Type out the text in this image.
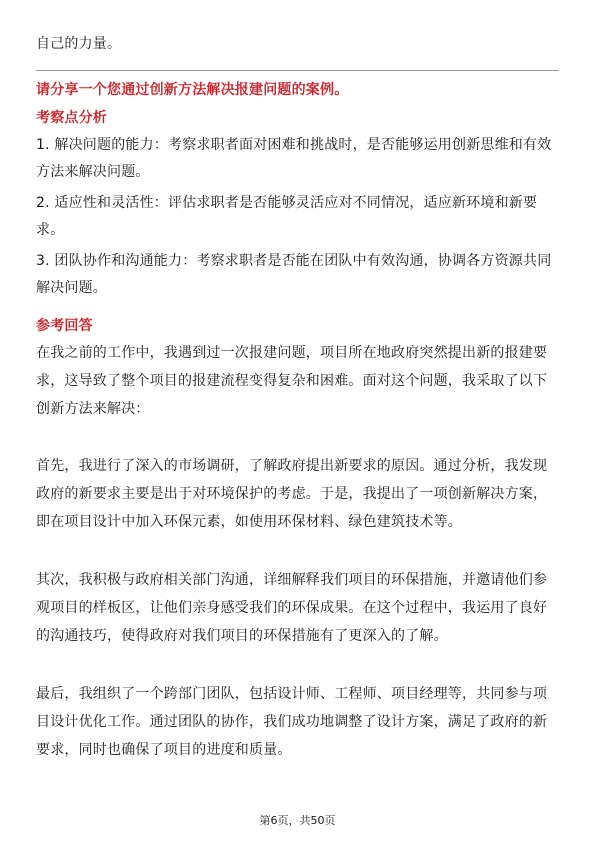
自己的力量。
请分享一个您通过创新方法解决报建问题的案例。
考察点分析
1. 解决问题的能力：考察求职者面对困难和挑战时，是否能够运用创新思维和有效
方法来解决问题。
2. 适应性和灵活性：评估求职者是否能够灵活应对不同情况，适应新环境和新要
求。
3. 团队协作和沟通能力：考察求职者是否能在团队中有效沟通，协调各方资源共同
解决问题。
参考回答
在我之前的工作中，我遇到过一次报建问题，项目所在地政府突然提出新的报建要
求，这导致了整个项目的报建流程变得复杂和困难。面对这个问题，我采取了以下
创新方法来解决：
首先，我进行了深入的市场调研，了解政府提出新要求的原因。通过分析，我发现
政府的新要求主要是出于对环境保护的考虑。于是，我提出了一项创新解决方案，
即在项目设计中加入环保元素，如使用环保材料、绿色建筑技术等。
其次，我积极与政府相关部门沟通，详细解释我们项目的环保措施，并邀请他们参
观项目的样板区，让他们亲身感受我们的环保成果。在这个过程中，我运用了良好
的沟通技巧，使得政府对我们项目的环保措施有了更深入的了解。
最后，我组织了一个跨部门团队，包括设计师、工程师、项目经理等，共同参与项
目设计优化工作。通过团队的协作，我们成功地调整了设计方案，满足了政府的新
要求，同时也确保了项目的进度和质量。
第6页，共50页
